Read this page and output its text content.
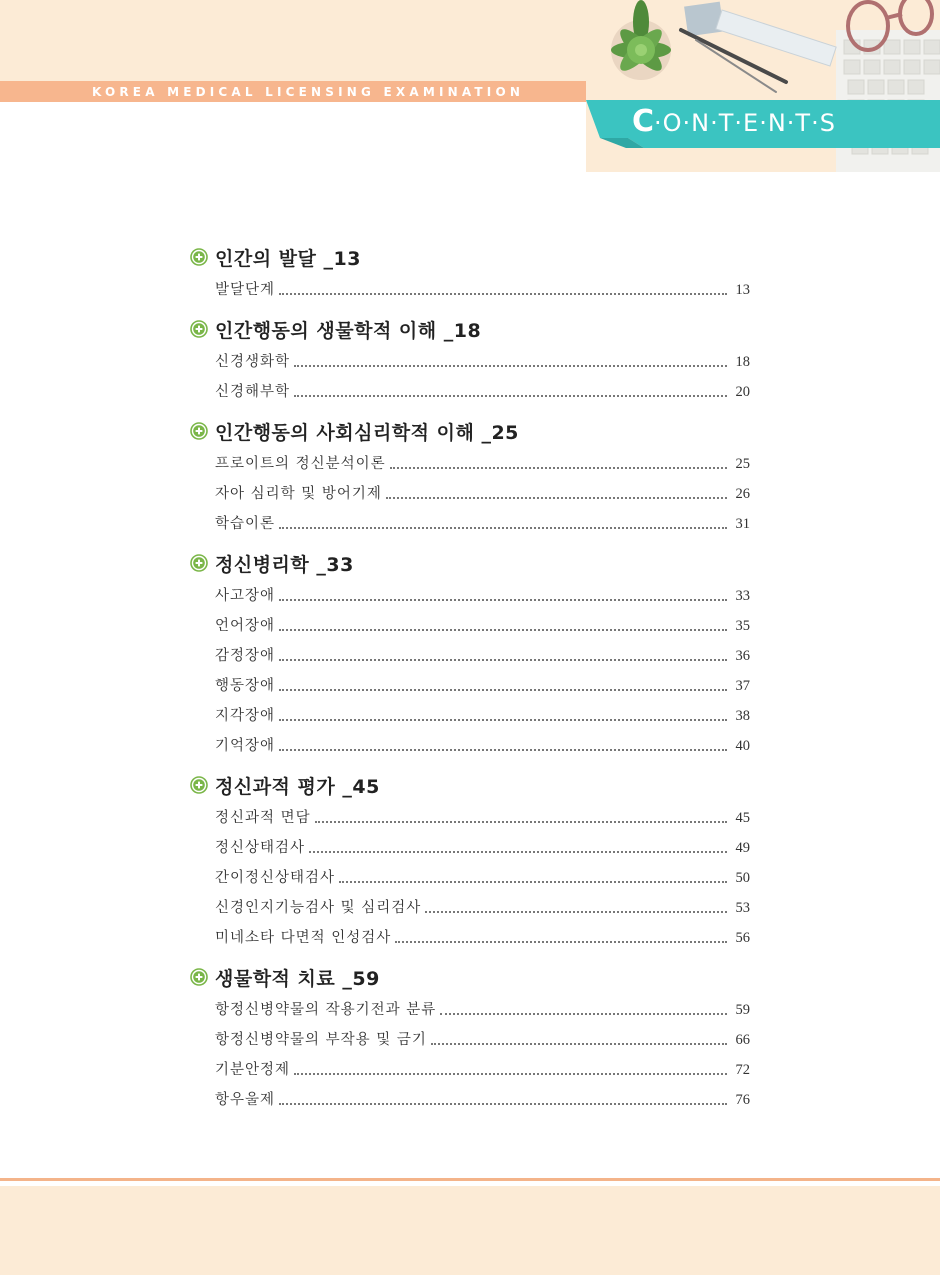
KOREA MEDICAL LICENSING EXAMINATION
C·O·N·T·E·N·T·S
인간의 발달 _13
발달단계	13
인간행동의 생물학적 이해 _18
신경생화학	18
신경해부학	20
인간행동의 사회심리학적 이해 _25
프로이트의 정신분석이론	25
자아 심리학 및 방어기제	26
학습이론	31
정신병리학 _33
사고장애	33
언어장애	35
감정장애	36
행동장애	37
지각장애	38
기억장애	40
정신과적 평가 _45
정신과적 면담	45
정신상태검사	49
간이정신상태검사	50
신경인지기능검사 및 심리검사	53
미네소타 다면적 인성검사	56
생물학적 치료 _59
항정신병약물의 작용기전과 분류	59
항정신병약물의 부작용 및 금기	66
기분안정제	72
항우울제	76
